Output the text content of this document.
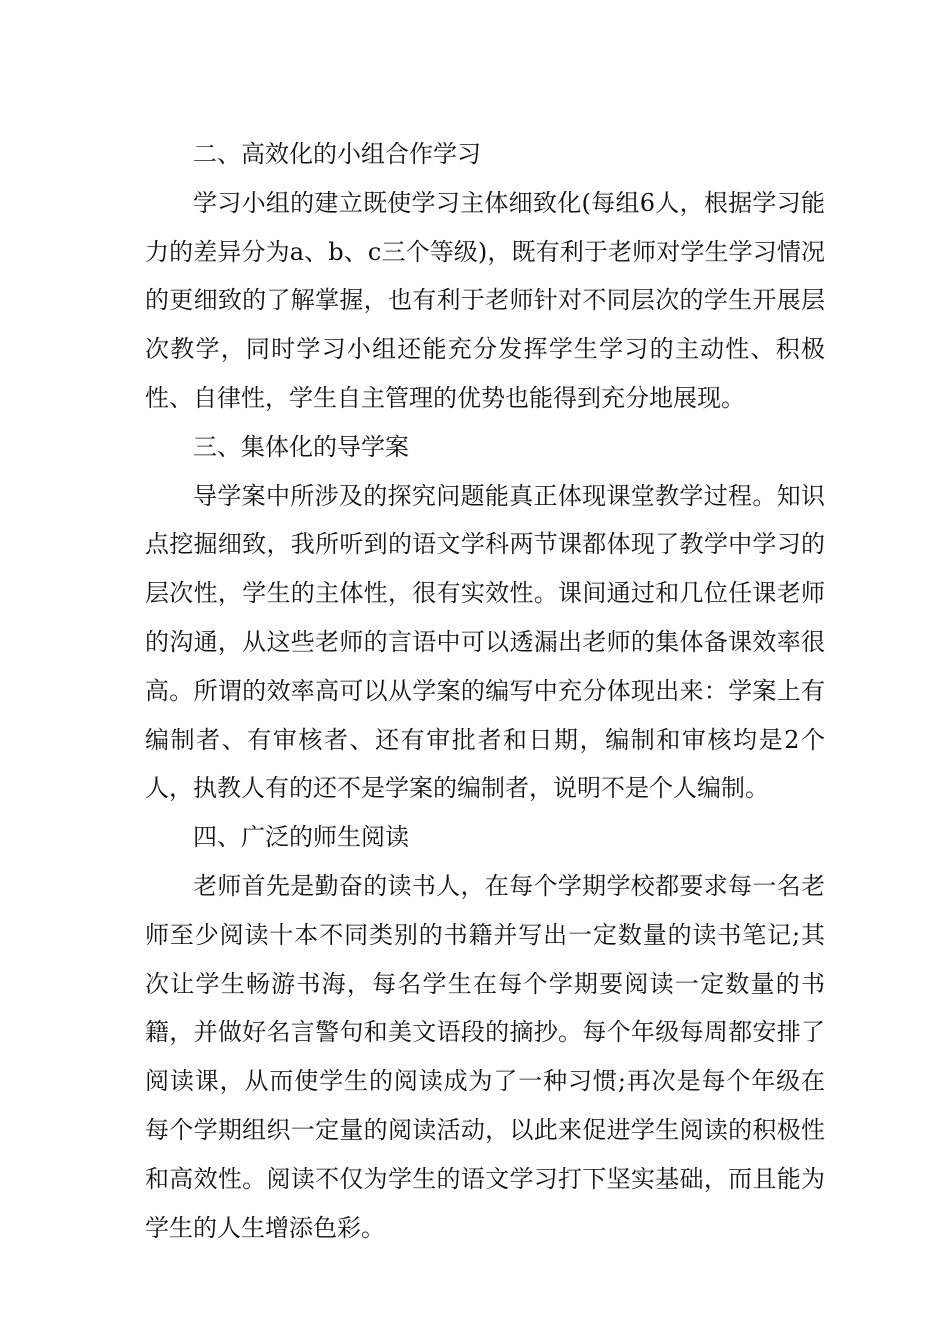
二、高效化的小组合作学习

学习小组的建立既使学习主体细致化(每组6人，根据学习能力的差异分为a、b、c三个等级)，既有利于老师对学生学习情况的更细致的了解掌握，也有利于老师针对不同层次的学生开展层次教学，同时学习小组还能充分发挥学生学习的主动性、积极性、自律性，学生自主管理的优势也能得到充分地展现。

三、集体化的导学案

导学案中所涉及的探究问题能真正体现课堂教学过程。知识点挖掘细致，我所听到的语文学科两节课都体现了教学中学习的层次性，学生的主体性，很有实效性。课间通过和几位任课老师的沟通，从这些老师的言语中可以透漏出老师的集体备课效率很高。所谓的效率高可以从学案的编写中充分体现出来：学案上有编制者、有审核者、还有审批者和日期，编制和审核均是2个人，执教人有的还不是学案的编制者，说明不是个人编制。

四、广泛的师生阅读

老师首先是勤奋的读书人，在每个学期学校都要求每一名老师至少阅读十本不同类别的书籍并写出一定数量的读书笔记;其次让学生畅游书海，每名学生在每个学期要阅读一定数量的书籍，并做好名言警句和美文语段的摘抄。每个年级每周都安排了阅读课，从而使学生的阅读成为了一种习惯;再次是每个年级在每个学期组织一定量的阅读活动，以此来促进学生阅读的积极性和高效性。阅读不仅为学生的语文学习打下坚实基础，而且能为学生的人生增添色彩。
